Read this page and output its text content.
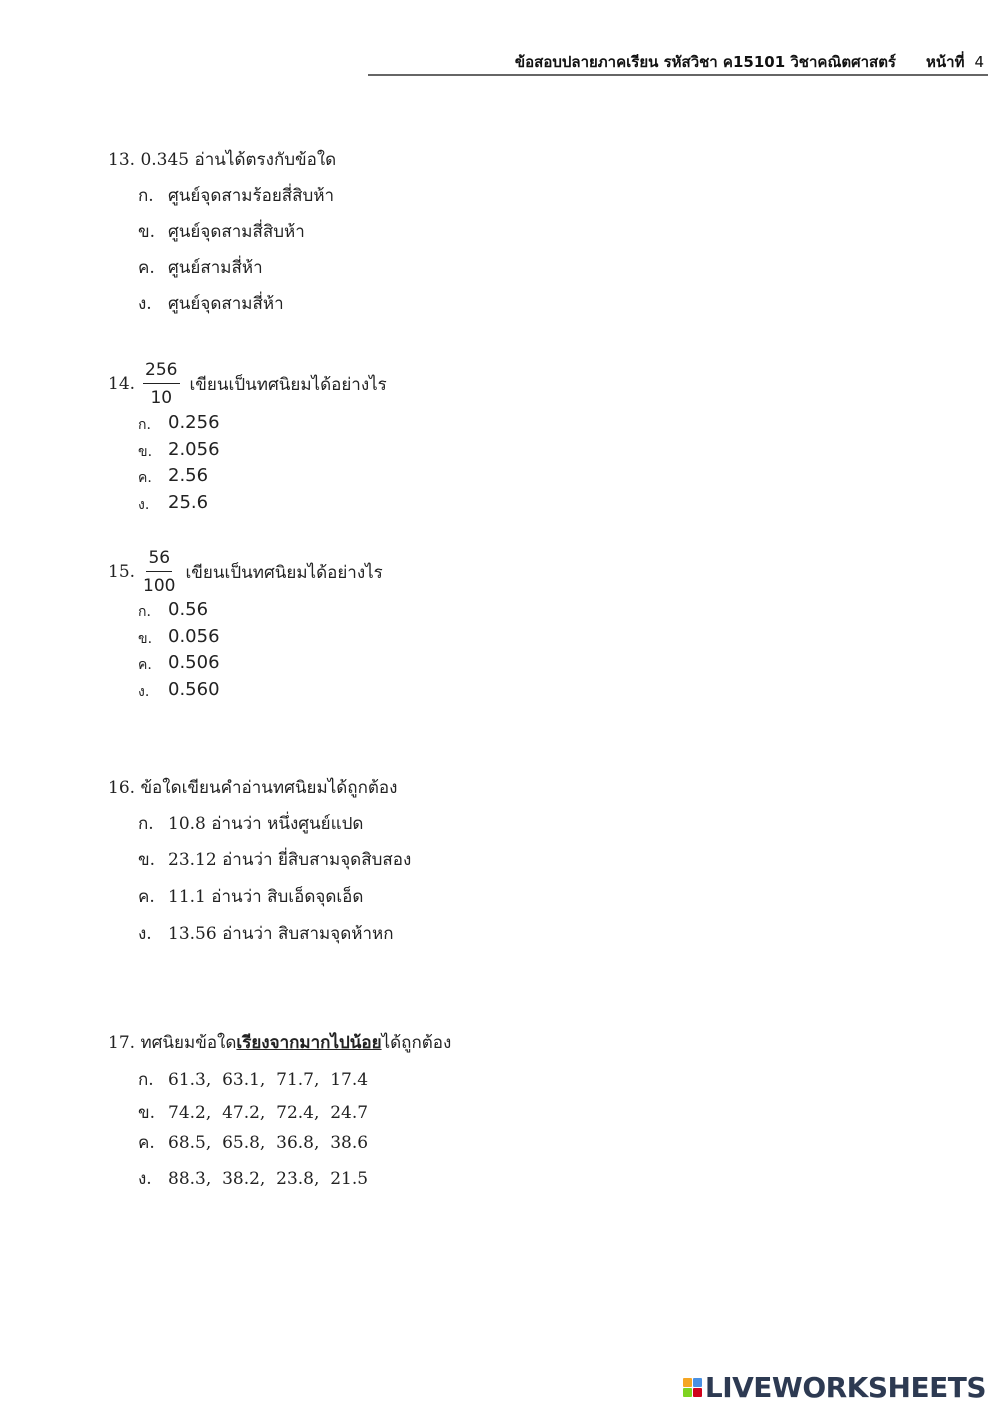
ข้อสอบปลายภาคเรียน รหัสวิชา ค15101 วิชาคณิตศาสตร์ หน้าที่ 4
13. 0.345 อ่านได้ตรงกับข้อใด
ก. ศูนย์จุดสามร้อยสี่สิบห้า
ข. ศูนย์จุดสามสี่สิบห้า
ค. ศูนย์สามสี่ห้า
ง. ศูนย์จุดสามสี่ห้า
14. $\frac{256}{10}$ เขียนเป็นทศนิยมได้อย่างไร
ก. 0.256
ข. 2.056
ค. 2.56
ง.	25.6
15. $\frac{56}{100}$ เขียนเป็นทศนิยมได้อย่างไร
ก. 0.56
ข. 0.056
ค. 0.506
ง.	0.560
16. ข้อใดเขียนคำอ่านทศนิยมได้ถูกต้อง
ก. 10.8 อ่านว่า หนึ่งศูนย์แปด
ข. 23.12 อ่านว่า ยี่สิบสามจุดสิบสอง
ค. 11.1 อ่านว่า สิบเอ็ดจุดเอ็ด
ง. 13.56 อ่านว่า สิบสามจุดห้าหก
17. ทศนิยมข้อใดเรียงจากมากไปน้อยได้ถูกต้อง
ก. 61.3,  63.1,  71.7,  17.4
ข. 74.2,  47.2,  72.4,  24.7
ค. 68.5,  65.8,  36.8,  38.6
ง. 88.3,  38.2,  23.8,  21.5
LIVEWORKSHEETS
